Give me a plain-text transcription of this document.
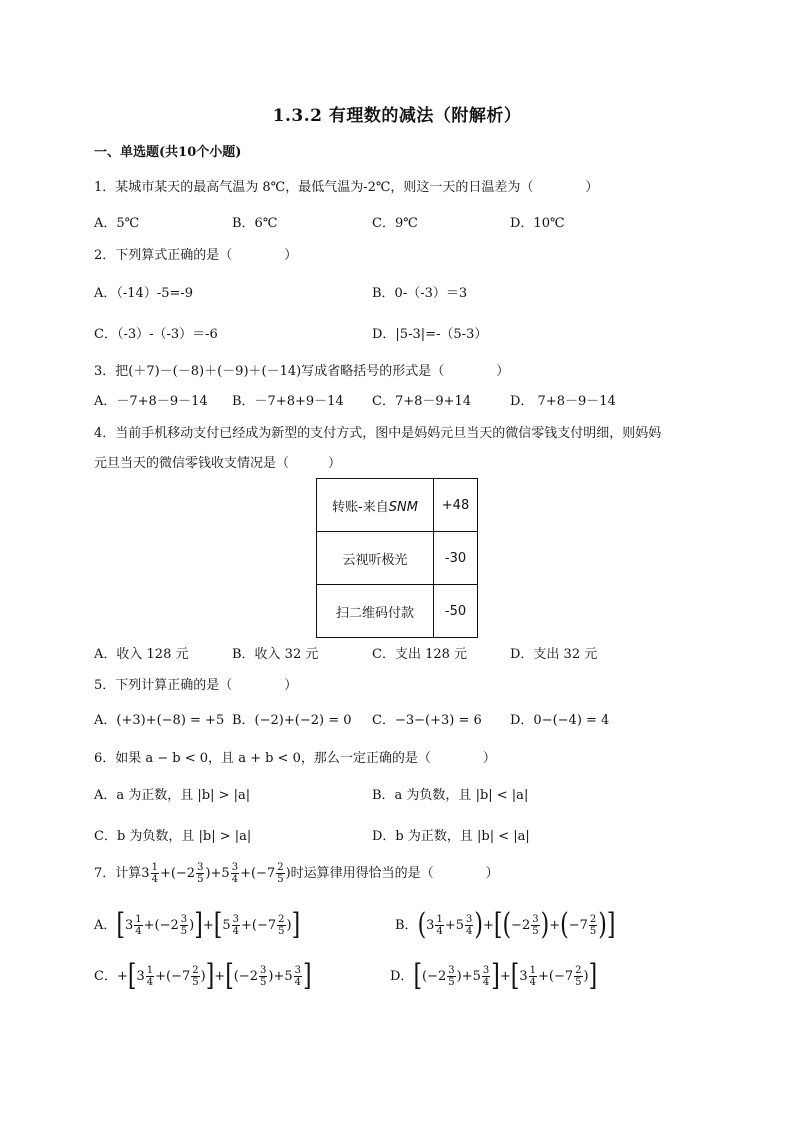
1.3.2 有理数的减法（附解析）
一、单选题(共10个小题)
1．某城市某天的最高气温为 8℃，最低气温为-2℃，则这一天的日温差为（　　　　）
A．5℃	B．6℃	C．9℃	D．10℃
2．下列算式正确的是（　　　　）
A．（-14）-5=-9	B．0-（-3）＝3
C．（-3）-（-3）＝-6	D．|5-3|=-（5-3）
3．把(＋7)－(－8)＋(－9)＋(－14)写成省略括号的形式是（　　　　）
A．－7+8－9－14 B．－7+8+9－14 C．7+8－9+14	D． 7+8－9－14
4．当前手机移动支付已经成为新型的支付方式，图中是妈妈元旦当天的微信零钱支付明细，则妈妈
元旦当天的微信零钱收支情况是（　　　）
转账-来自SNM	+48
云视听极光	-30
扫二维码付款	-50
A．收入 128 元	B．收入 32 元	C．支出 128 元	D．支出 32 元
5．下列计算正确的是（　　　　）
A．(+3)+(−8) = +5 B．(−2)+(−2) = 0 C．−3−(+3) = 6 D．0−(−4) = 4
6．如果 a − b < 0，且 a + b < 0，那么一定正确的是（　　　　）
A．a 为正数，且 |b| > |a|	B．a 为负数，且 |b| < |a|
C．b 为负数，且 |b| > |a|	D．b 为正数，且 |b| < |a|
7．计算 $3 \frac{1}{4} +(-2 \frac{3}{5} )+5 \frac{3}{4} +(-7 \frac{2}{5}$ ) 时运算律用得恰当的是（　　　　）
A． [ $3 \frac{1}{4} +(-2 \frac{3}{5}$ ) ] + [ $5 \frac{3}{4} +(-7 \frac{2}{5}$ ) ]	B． ( $3 \frac{1}{4} +5 \frac{3}{4}$ ) + [ ( $-2 \frac{3}{5}$ ) + ( $-7 \frac{2}{5}$ ) ]
C． + [ $3 \frac{1}{4} +(-7 \frac{2}{5}$ ) ] + [ $(-2 \frac{3}{5} )+5 \frac{3}{4}$ ]	D． [ $(-2 \frac{3}{5} )+5 \frac{3}{4}$ ] + [ $3 \frac{1}{4} +(-7 \frac{2}{5}$ ) ]
